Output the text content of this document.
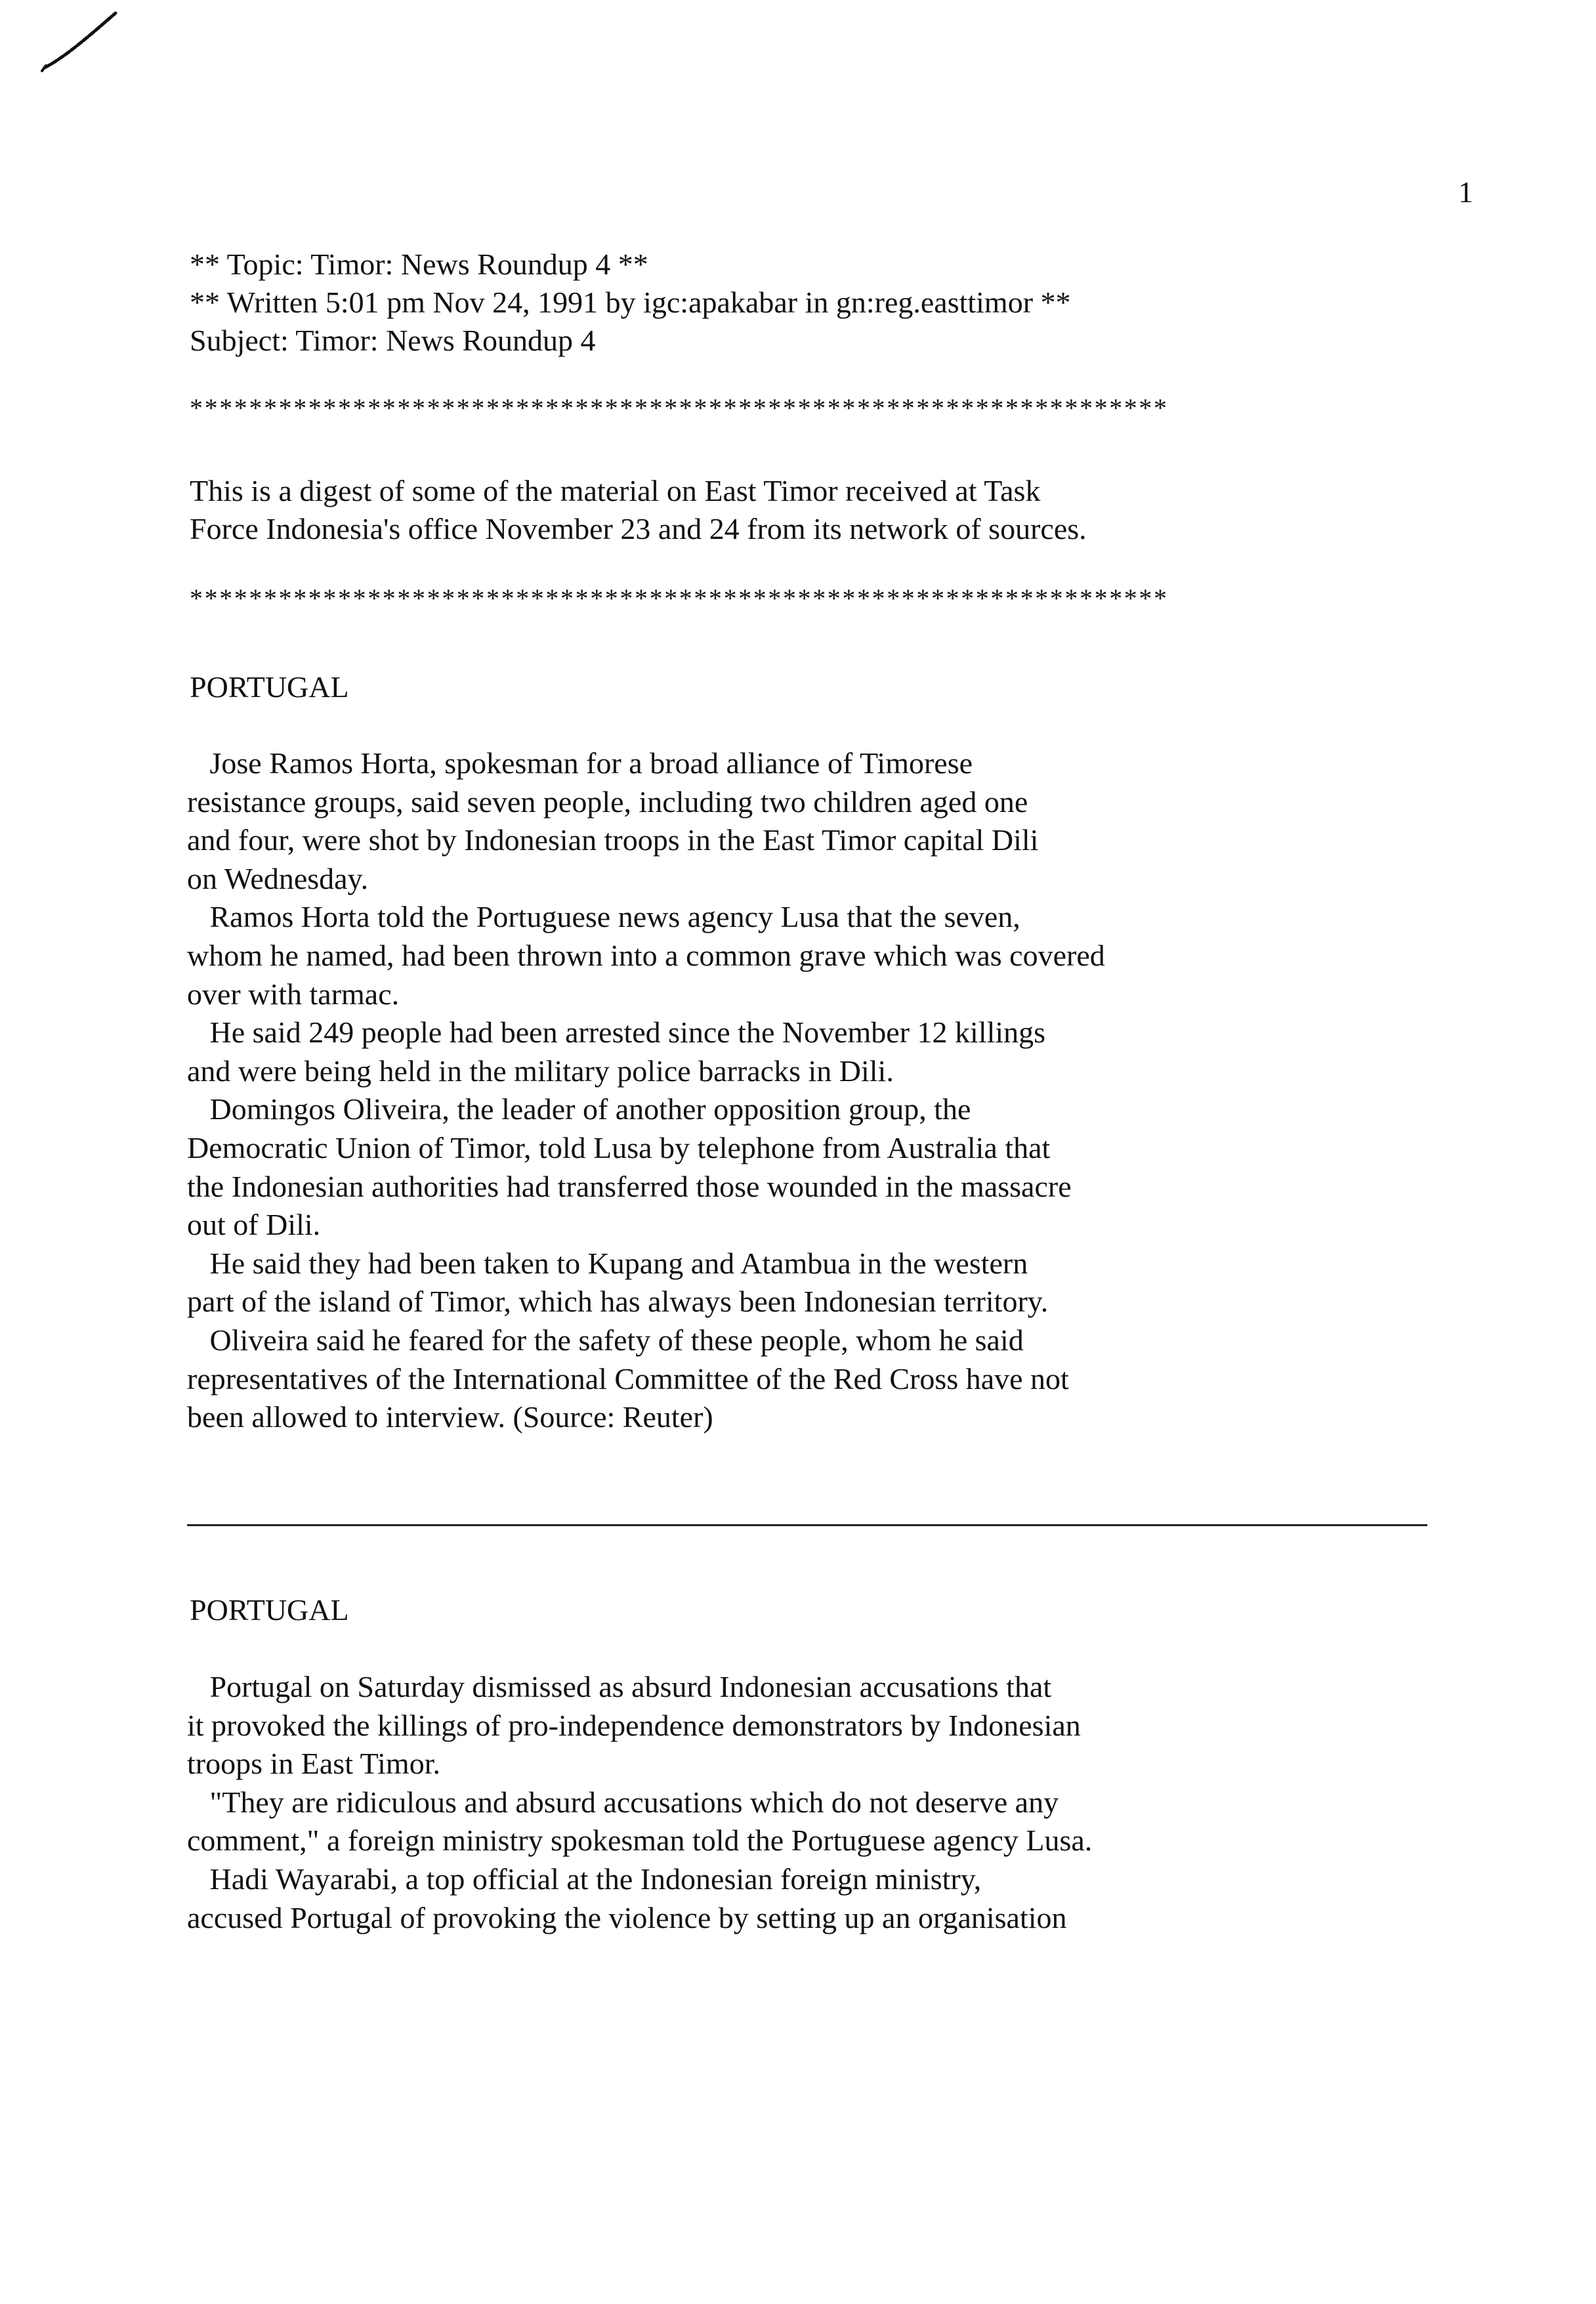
1
** Topic: Timor: News Roundup 4 **
** Written 5:01 pm Nov 24, 1991 by igc:apakabar in gn:reg.easttimor **
Subject: Timor: News Roundup 4
******************************************************************
This is a digest of some of the material on East Timor received at Task
Force Indonesia's office November 23 and 24 from its network of sources.
******************************************************************
PORTUGAL

Jose Ramos Horta, spokesman for a broad alliance of Timorese
resistance groups, said seven people, including two children aged one
and four, were shot by Indonesian troops in the East Timor capital Dili
on Wednesday.
Ramos Horta told the Portuguese news agency Lusa that the seven,
whom he named, had been thrown into a common grave which was covered
over with tarmac.
He said 249 people had been arrested since the November 12 killings
and were being held in the military police barracks in Dili.
Domingos Oliveira, the leader of another opposition group, the
Democratic Union of Timor, told Lusa by telephone from Australia that
the Indonesian authorities had transferred those wounded in the massacre
out of Dili.
He said they had been taken to Kupang and Atambua in the western
part of the island of Timor, which has always been Indonesian territory.
Oliveira said he feared for the safety of these people, whom he said
representatives of the International Committee of the Red Cross have not
been allowed to interview. (Source: Reuter)

PORTUGAL

Portugal on Saturday dismissed as absurd Indonesian accusations that
it provoked the killings of pro-independence demonstrators by Indonesian
troops in East Timor.
"They are ridiculous and absurd accusations which do not deserve any
comment," a foreign ministry spokesman told the Portuguese agency Lusa.
Hadi Wayarabi, a top official at the Indonesian foreign ministry,
accused Portugal of provoking the violence by setting up an organisation
